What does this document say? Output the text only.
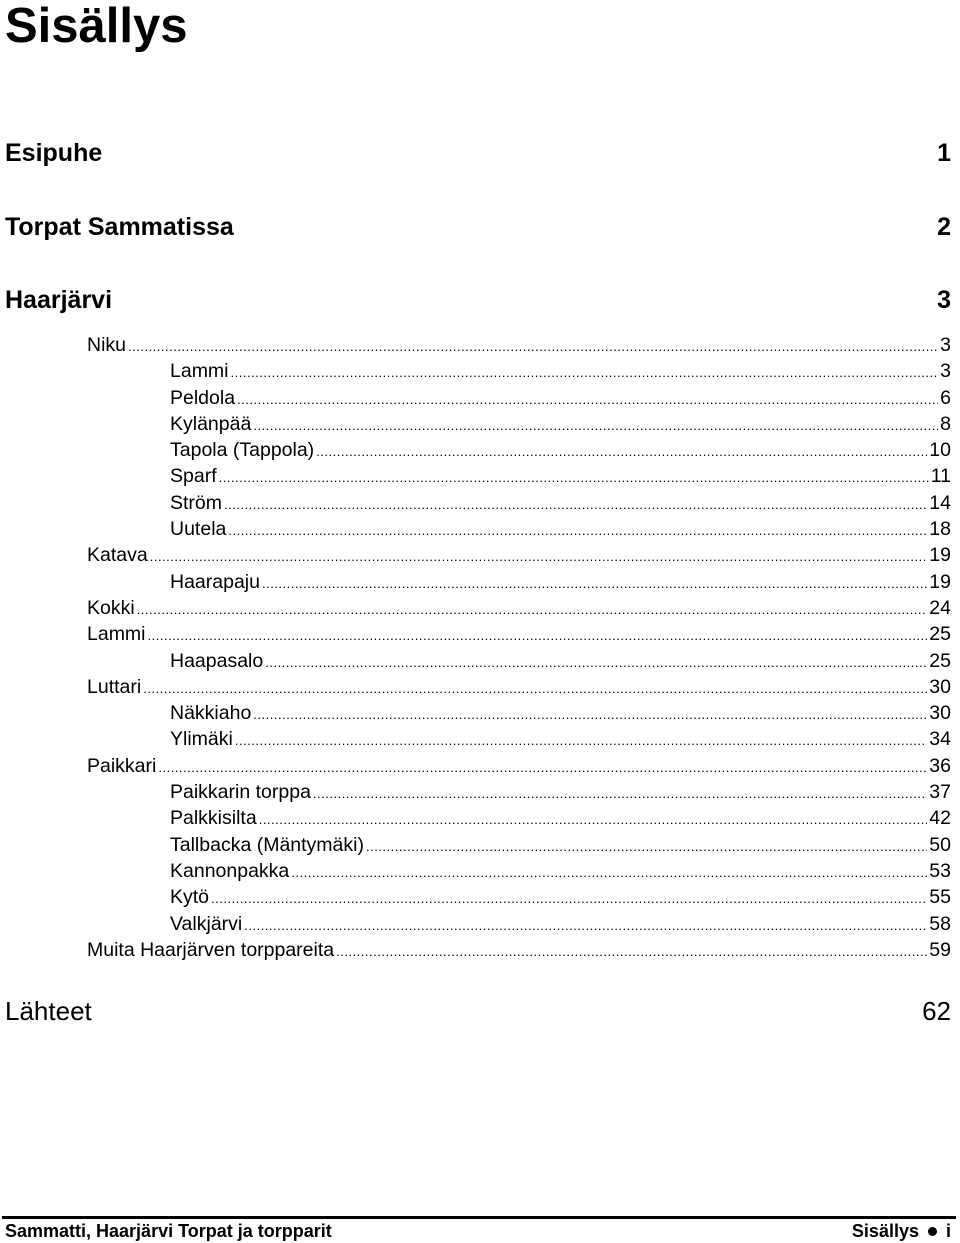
Sisällys
Esipuhe	1
Torpat Sammatissa	2
Haarjärvi	3
Niku .....	3
Lammi .....	3
Peldola .....	6
Kylänpää .....	8
Tapola (Tappola) .....	10
Sparf .....	11
Ström .....	14
Uutela .....	18
Katava .....	19
Haarapaju .....	19
Kokki .....	24
Lammi .....	25
Haapasalo .....	25
Luttari .....	30
Näkkiaho .....	30
Ylimäki .....	34
Paikkari .....	36
Paikkarin torppa .....	37
Palkkisilta .....	42
Tallbacka (Mäntymäki) .....	50
Kannonpakka .....	53
Kytö .....	55
Valkjärvi .....	58
Muita Haarjärven torppareita .....	59
Lähteet	62
Sammatti, Haarjärvi Torpat ja torpparit	Sisällys i
